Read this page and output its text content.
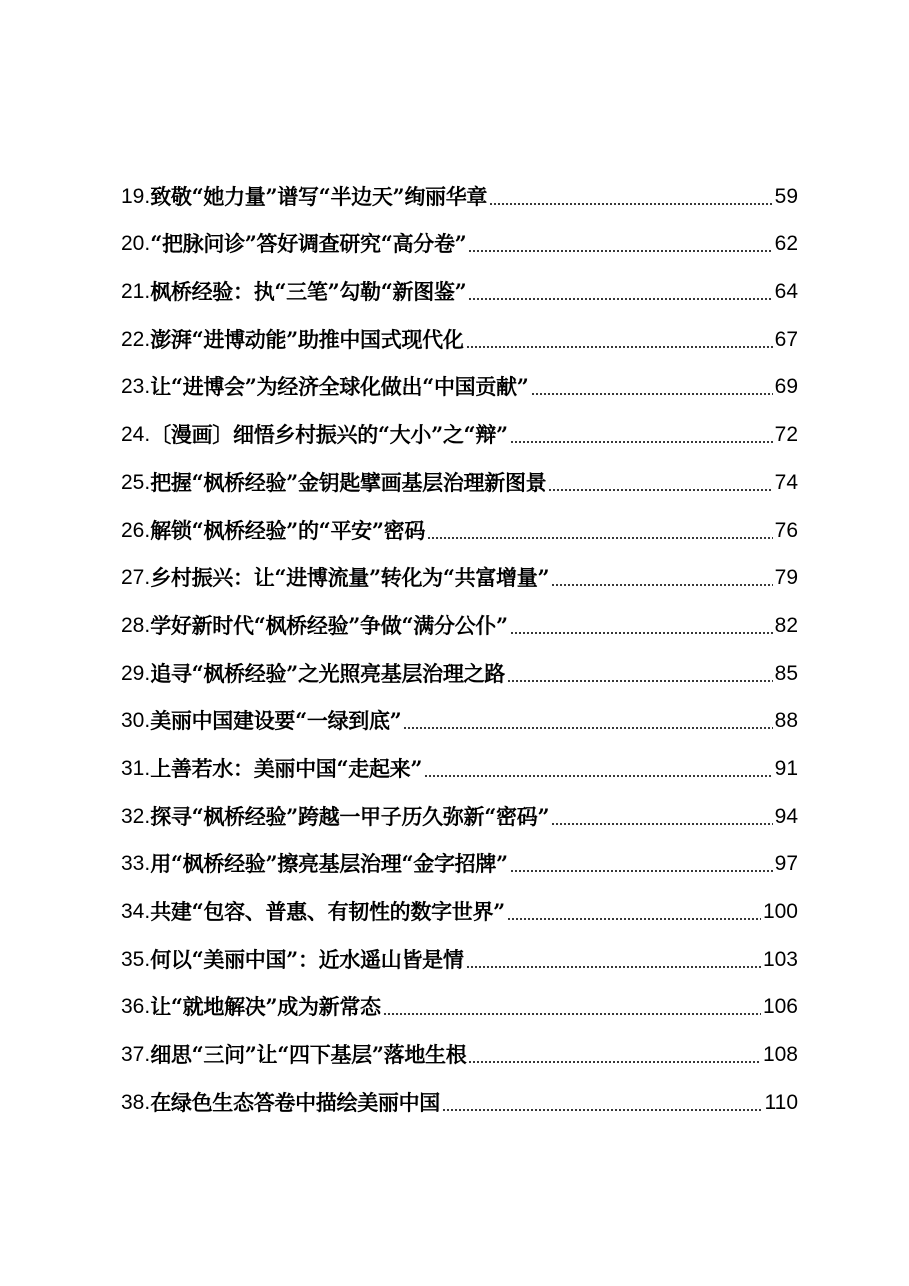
19. 致敬“她力量”谱写“半边天”绚丽华章	59
20. “把脉问诊”答好调查研究“高分卷”	62
21. 枫桥经验：执“三笔”勾勒“新图鉴”	64
22. 澎湃“进博动能”助推中国式现代化	67
23. 让“进博会”为经济全球化做出“中国贡献”	69
24. 〔漫画〕细悟乡村振兴的“大小”之“辩”	72
25. 把握“枫桥经验”金钥匙擘画基层治理新图景	74
26. 解锁“枫桥经验”的“平安”密码	76
27. 乡村振兴：让“进博流量”转化为“共富增量”	79
28. 学好新时代“枫桥经验”争做“满分公仆”	82
29. 追寻“枫桥经验”之光照亮基层治理之路	85
30. 美丽中国建设要“一绿到底”	88
31. 上善若水：美丽中国“走起来”	91
32. 探寻“枫桥经验”跨越一甲子历久弥新“密码”	94
33. 用“枫桥经验”擦亮基层治理“金字招牌”	97
34. 共建“包容、普惠、有韧性的数字世界”	100
35. 何以“美丽中国”：近水遥山皆是情	103
36. 让“就地解决”成为新常态	106
37. 细思“三问”让“四下基层”落地生根	108
38. 在绿色生态答卷中描绘美丽中国	110
